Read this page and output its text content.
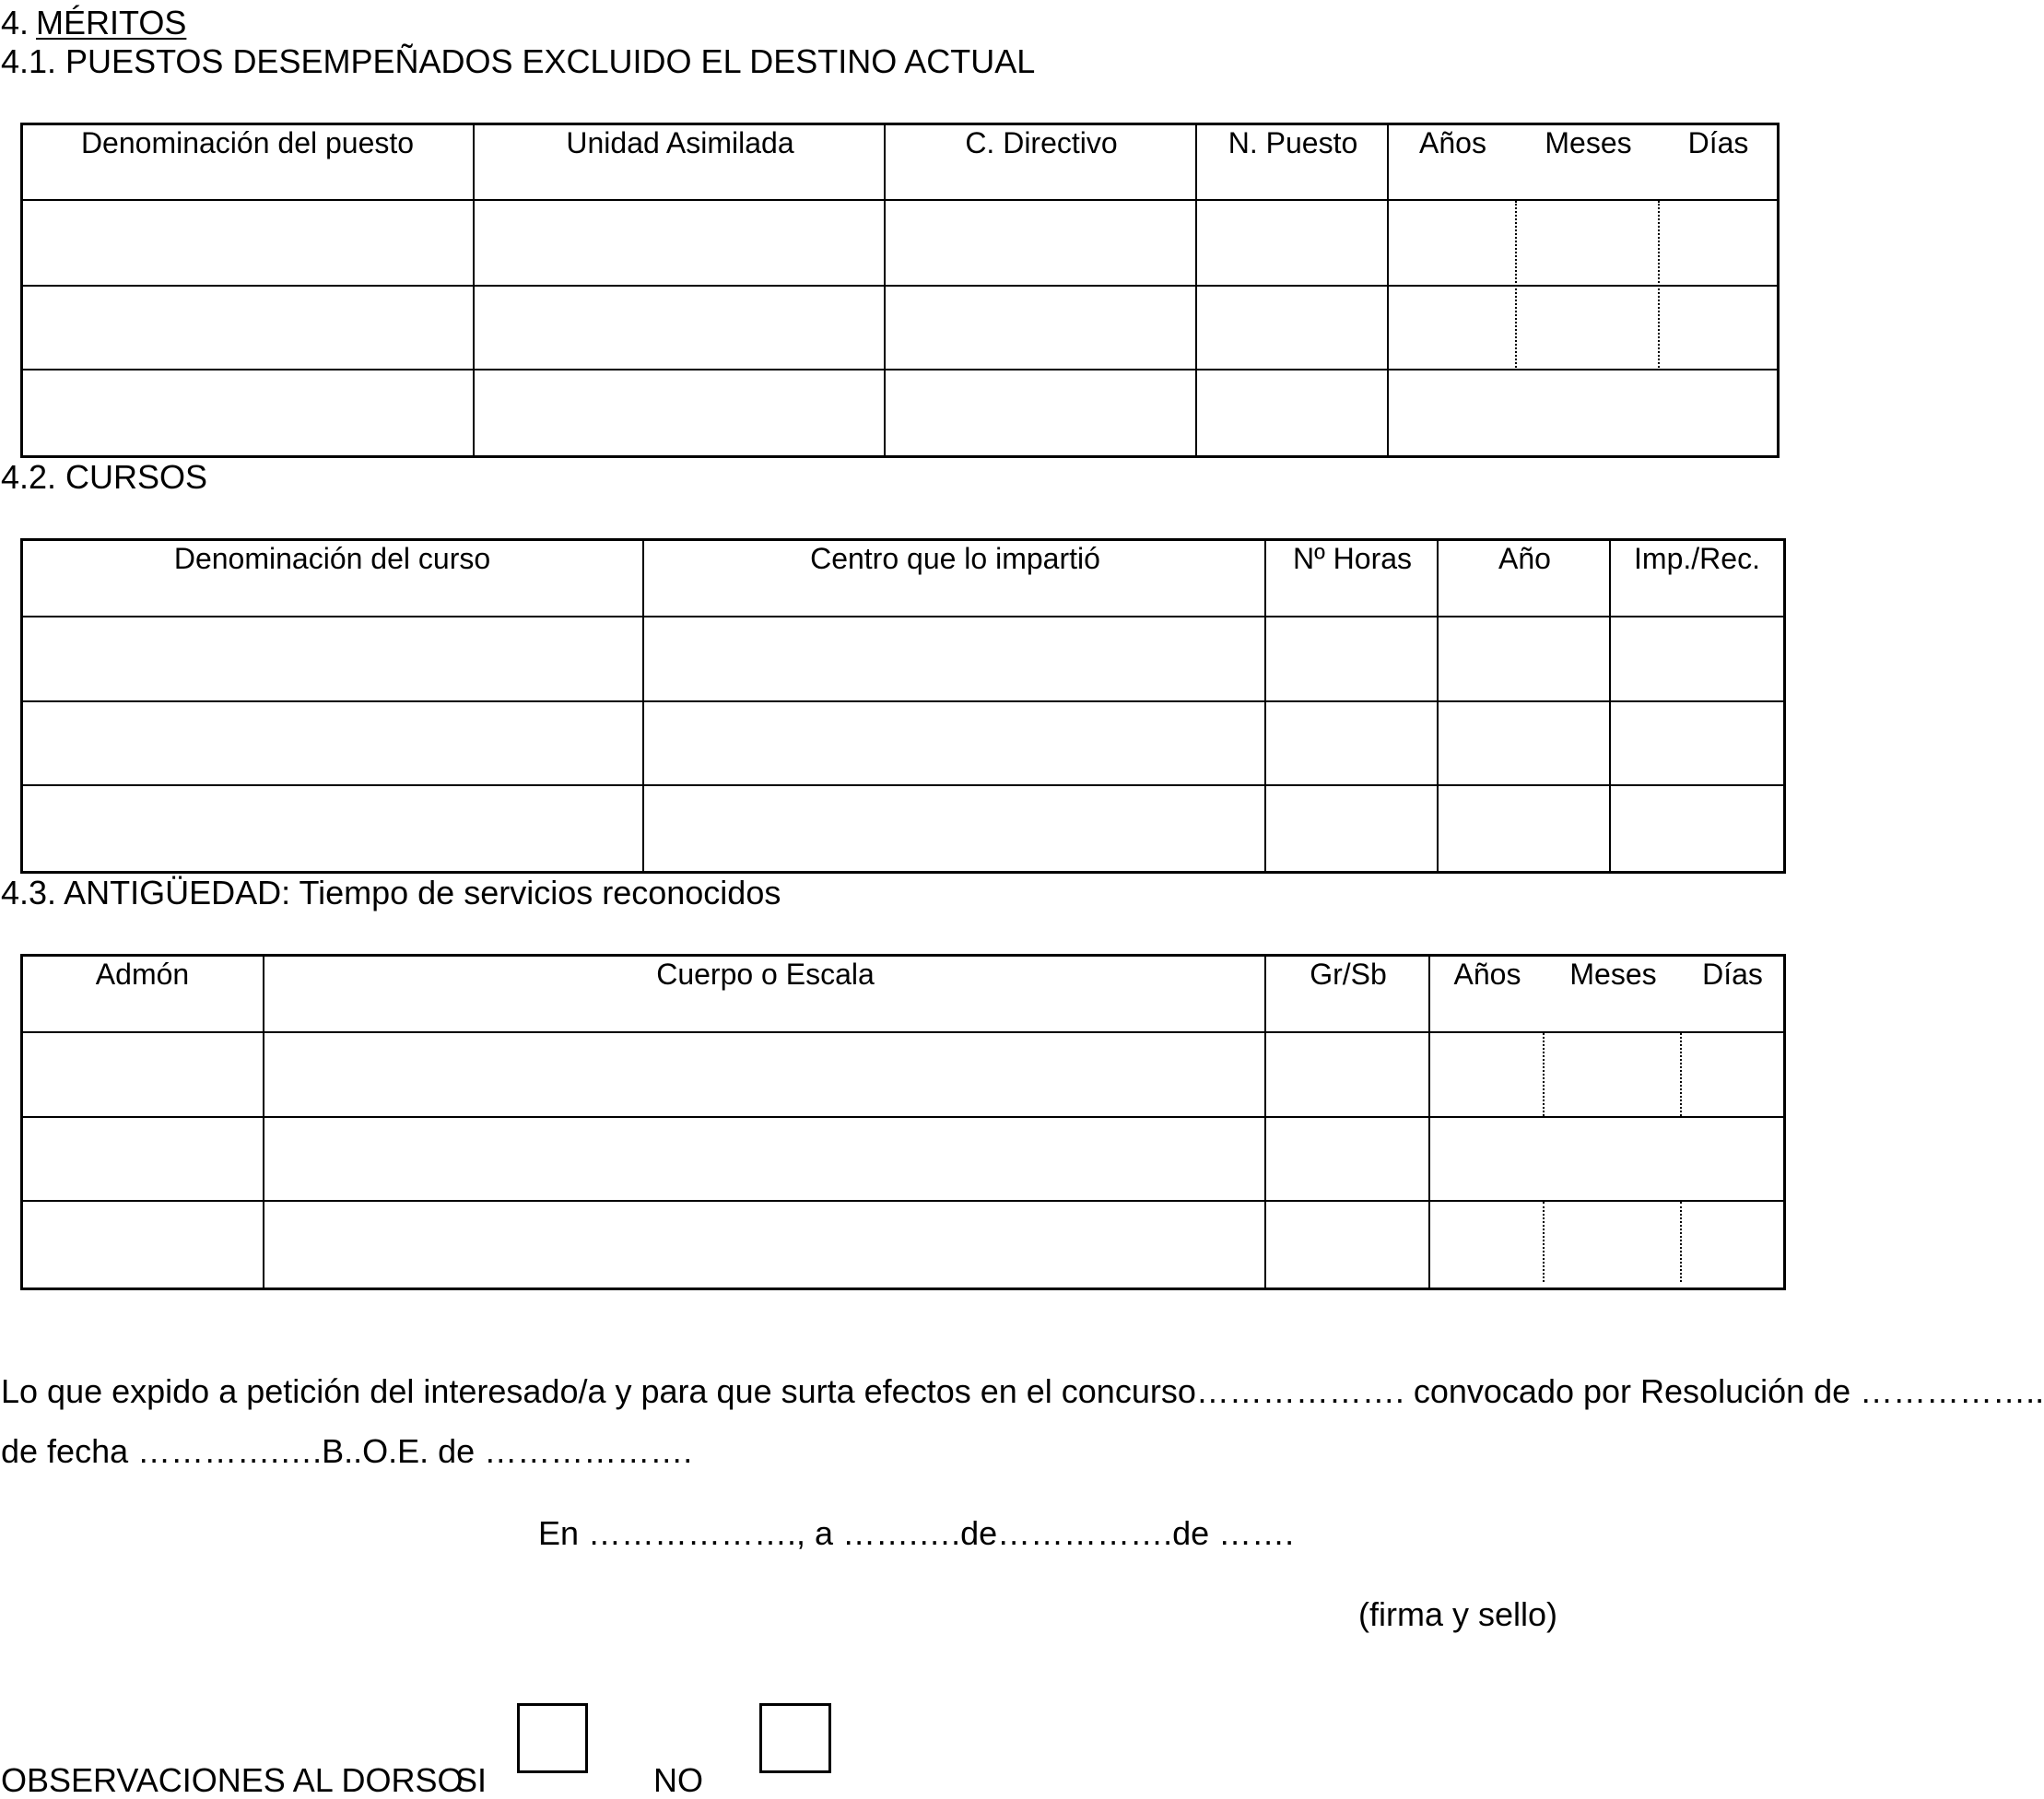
4. MÉRITOS
4.1. PUESTOS DESEMPEÑADOS EXCLUIDO EL DESTINO ACTUAL
Denominación del puesto	Unidad Asimilada	C. Directivo	N. Puesto	Años	Meses	Días
4.2. CURSOS
Denominación del curso	Centro que lo impartió	Nº Horas	Año	Imp./Rec.
4.3. ANTIGÜEDAD: Tiempo de servicios reconocidos
Admón	Cuerpo o Escala	Gr/Sb	Años	Meses	Días
Lo que expido a petición del interesado/a y para que surta efectos en el concurso………………. convocado por Resolución de ……………..
de fecha ………….….B..O.E. de ……………….
En ………………., a …….….de…………….de …….
(firma y sello)
OBSERVACIONES AL DORSO
SI	NO
